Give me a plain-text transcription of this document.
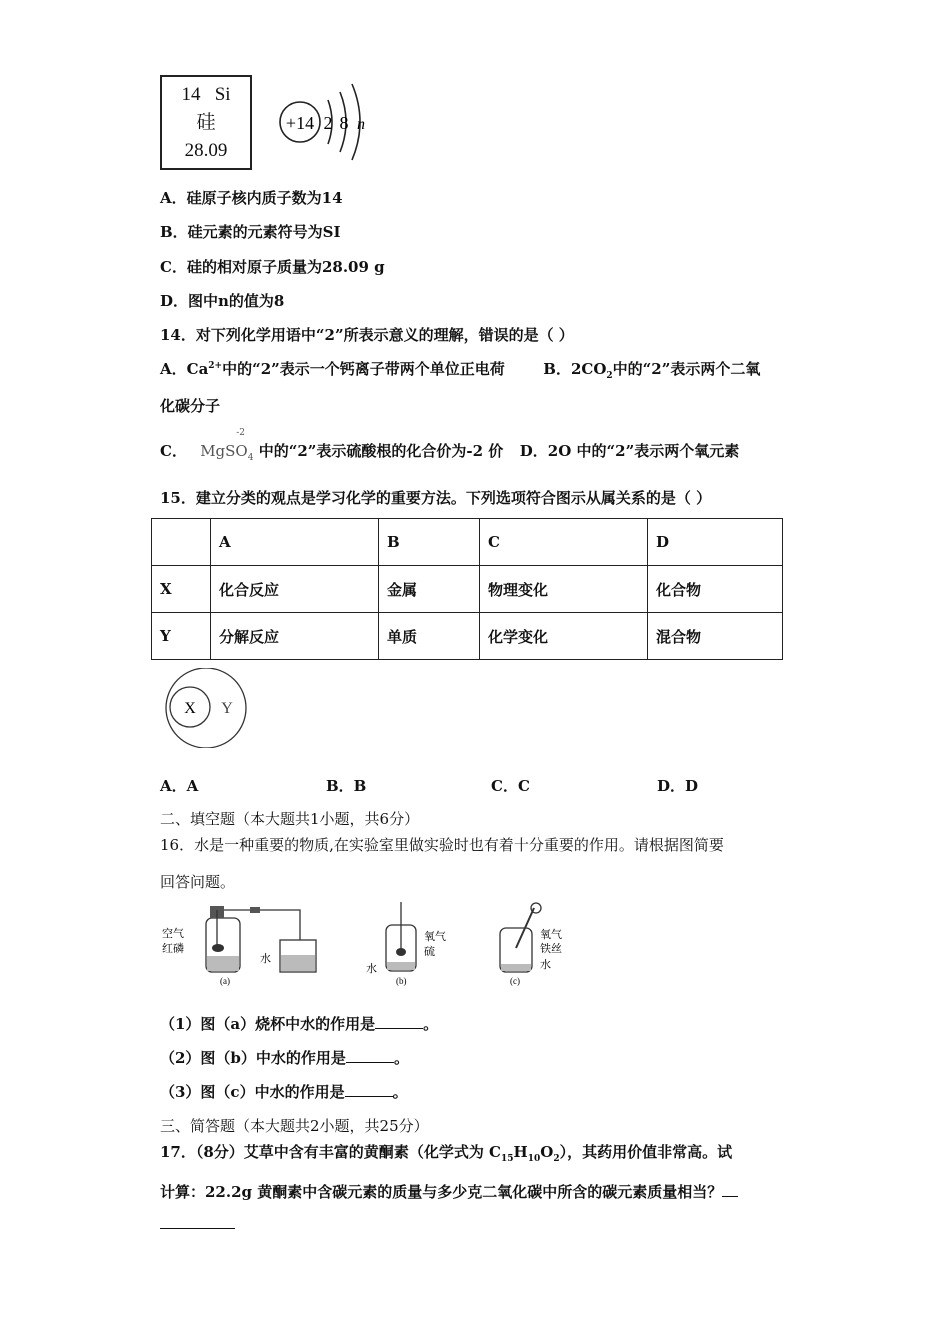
14 Si
硅
28.09
+14 2 8 n
A．硅原子核内质子数为14
B．硅元素的元素符号为SI
C．硅的相对原子质量为28.09 g
D．图中n的值为8
14．对下列化学用语中“2”所表示意义的理解，错误的是（ ）
A．$Ca^{2+}$中的“2”表示一个钙离子带两个单位正电荷	B．$2CO_2$中的“2”表示两个二氧
化碳分子
C．
-2
MgSO$_4$ 中的“2”表示硫酸根的化合价为-2 价 D．2O 中的“2”表示两个氧元素
15．建立分类的观点是学习化学的重要方法。下列选项符合图示从属关系的是（ ）
	A	B	C	D
X	化合反应	金属	物理变化	化合物
Y	分解反应	单质	化学变化	混合物
X Y
A．A	B．B	C．C	D．D
二、填空题（本大题共1小题，共6分）
16．水是一种重要的物质,在实验室里做实验时也有着十分重要的作用。请根据图简要
回答问题。
空气
红磷
水
(a)
氧气
硫
水
(b)
氧气
铁丝
水
(c)
（1）图（a）烧杯中水的作用是	。
（2）图（b）中水的作用是	。
（3）图（c）中水的作用是	。
三、简答题（本大题共2小题，共25分）
17．（8分）艾草中含有丰富的黄酮素（化学式为 $C_{15}H_{10}O_2$），其药用价值非常高。试
计算：22.2g 黄酮素中含碳元素的质量与多少克二氧化碳中所含的碳元素质量相当？
